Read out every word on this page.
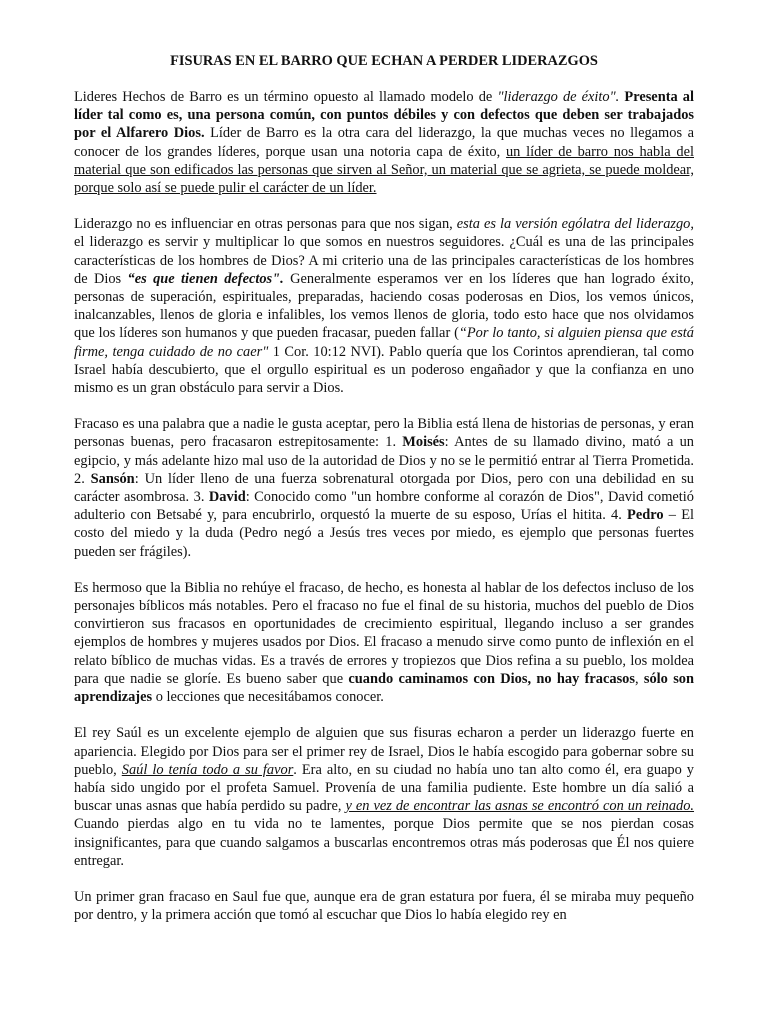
FISURAS EN EL BARRO QUE ECHAN A PERDER LIDERAZGOS

Lideres Hechos de Barro es un término opuesto al llamado modelo de "liderazgo de éxito". Presenta al líder tal como es, una persona común, con puntos débiles y con defectos que deben ser trabajados por el Alfarero Dios. Líder de Barro es la otra cara del liderazgo, la que muchas veces no llegamos a conocer de los grandes líderes, porque usan una notoria capa de éxito, un líder de barro nos habla del material que son edificados las personas que sirven al Señor, un material que se agrieta, se puede moldear, porque solo así se puede pulir el carácter de un líder.

Liderazgo no es influenciar en otras personas para que nos sigan, esta es la versión ególatra del liderazgo, el liderazgo es servir y multiplicar lo que somos en nuestros seguidores. ¿Cuál es una de las principales características de los hombres de Dios? A mi criterio una de las principales características de los hombres de Dios “es que tienen defectos". Generalmente esperamos ver en los líderes que han logrado éxito, personas de superación, espirituales, preparadas, haciendo cosas poderosas en Dios, los vemos únicos, inalcanzables, llenos de gloria e infalibles, los vemos llenos de gloria, todo esto hace que nos olvidamos que los líderes son humanos y que pueden fracasar, pueden fallar (“Por lo tanto, si alguien piensa que está firme, tenga cuidado de no caer" 1 Cor. 10:12 NVI). Pablo quería que los Corintos aprendieran, tal como Israel había descubierto, que el orgullo espiritual es un poderoso engañador y que la confianza en uno mismo es un gran obstáculo para servir a Dios.

Fracaso es una palabra que a nadie le gusta aceptar, pero la Biblia está llena de historias de personas, y eran personas buenas, pero fracasaron estrepitosamente: 1. Moisés: Antes de su llamado divino, mató a un egipcio, y más adelante hizo mal uso de la autoridad de Dios y no se le permitió entrar al Tierra Prometida. 2. Sansón: Un líder lleno de una fuerza sobrenatural otorgada por Dios, pero con una debilidad en su carácter asombrosa. 3. David: Conocido como "un hombre conforme al corazón de Dios", David cometió adulterio con Betsabé y, para encubrirlo, orquestó la muerte de su esposo, Urías el hitita. 4. Pedro – El costo del miedo y la duda (Pedro negó a Jesús tres veces por miedo, es ejemplo que personas fuertes pueden ser frágiles).

Es hermoso que la Biblia no rehúye el fracaso, de hecho, es honesta al hablar de los defectos incluso de los personajes bíblicos más notables. Pero el fracaso no fue el final de su historia, muchos del pueblo de Dios convirtieron sus fracasos en oportunidades de crecimiento espiritual, llegando incluso a ser grandes ejemplos de hombres y mujeres usados por Dios. El fracaso a menudo sirve como punto de inflexión en el relato bíblico de muchas vidas. Es a través de errores y tropiezos que Dios refina a su pueblo, los moldea para que nadie se gloríe. Es bueno saber que cuando caminamos con Dios, no hay fracasos, sólo son aprendizajes o lecciones que necesitábamos conocer.

El rey Saúl es un excelente ejemplo de alguien que sus fisuras echaron a perder un liderazgo fuerte en apariencia. Elegido por Dios para ser el primer rey de Israel, Dios le había escogido para gobernar sobre su pueblo, Saúl lo tenía todo a su favor. Era alto, en su ciudad no había uno tan alto como él, era guapo y había sido ungido por el profeta Samuel. Provenía de una familia pudiente. Este hombre un día salió a buscar unas asnas que había perdido su padre, y en vez de encontrar las asnas se encontró con un reinado. Cuando pierdas algo en tu vida no te lamentes, porque Dios permite que se nos pierdan cosas insignificantes, para que cuando salgamos a buscarlas encontremos otras más poderosas que Él nos quiere entregar.

Un primer gran fracaso en Saul fue que, aunque era de gran estatura por fuera, él se miraba muy pequeño por dentro, y la primera acción que tomó al escuchar que Dios lo había elegido rey en
